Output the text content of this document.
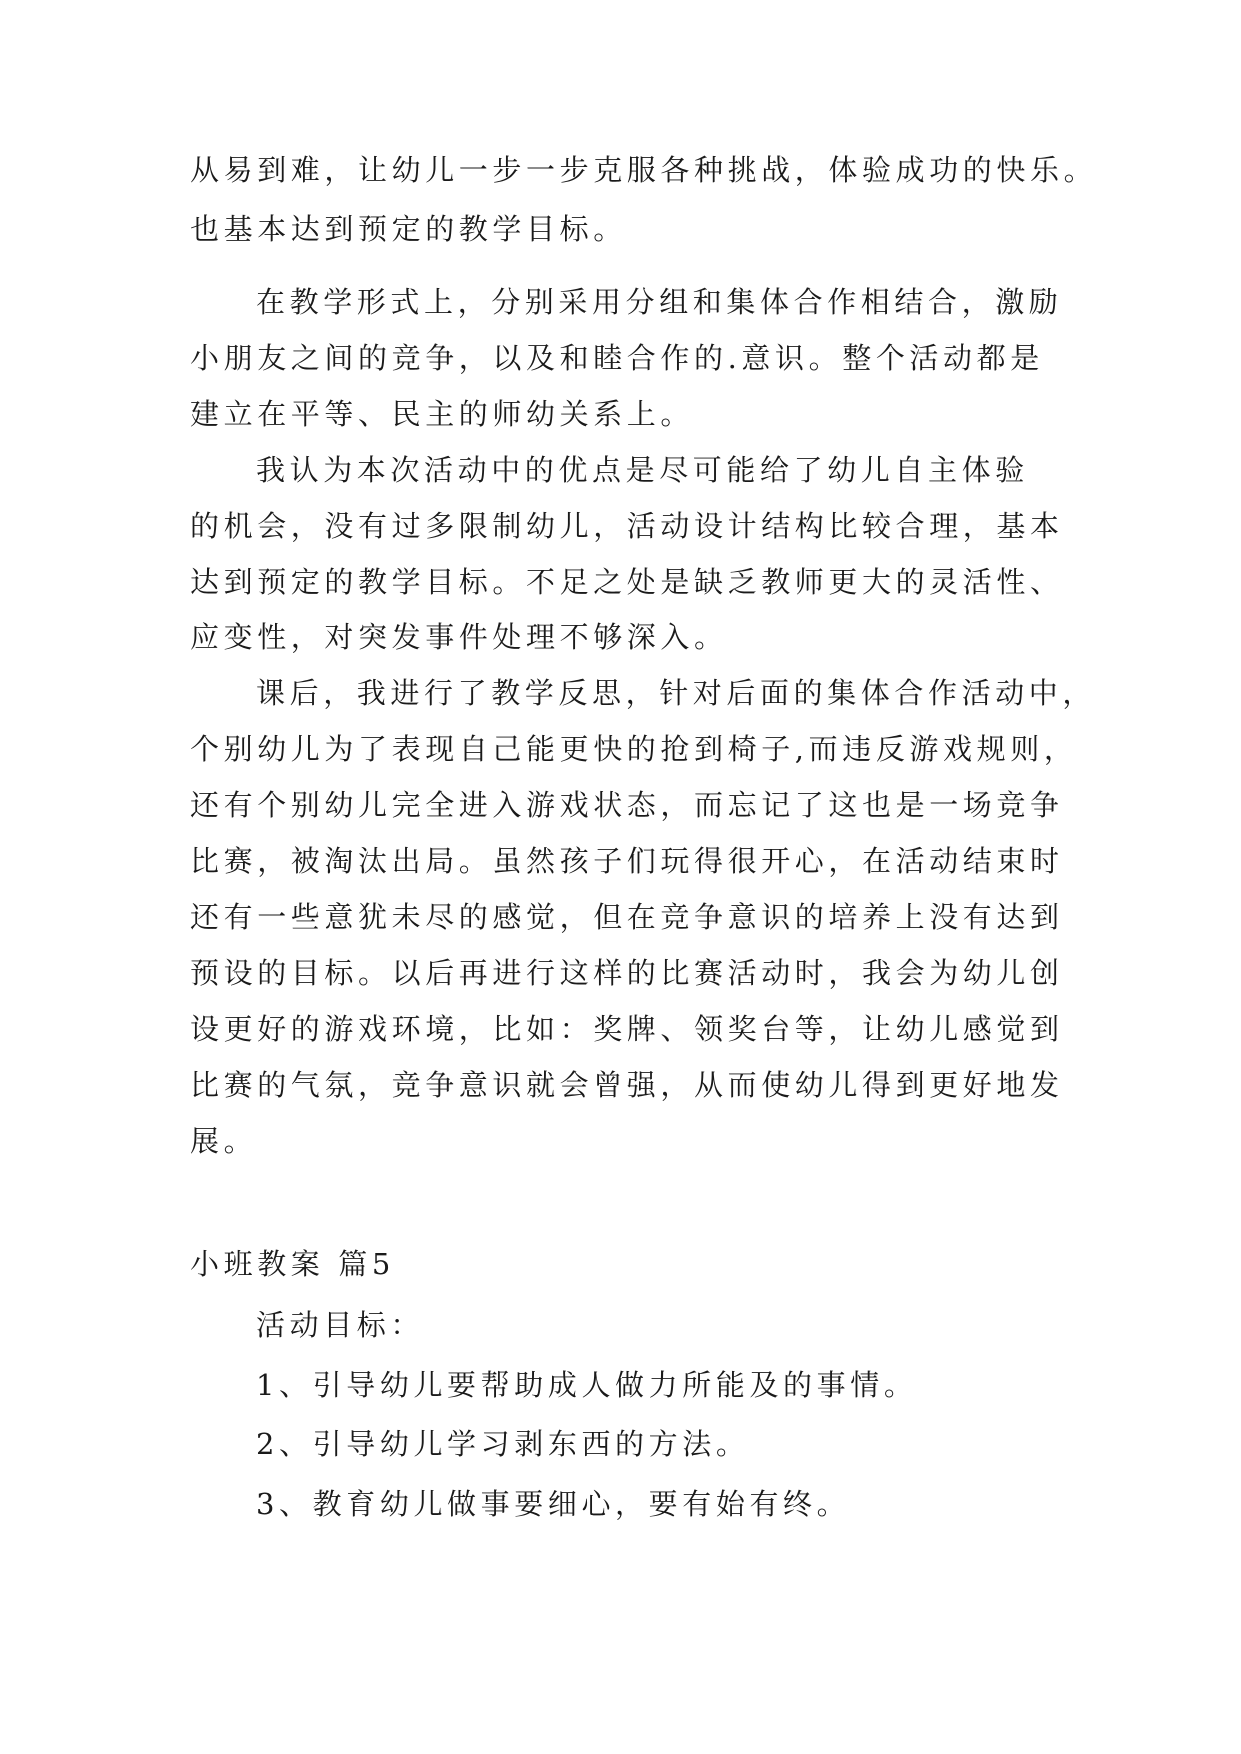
从易到难，让幼儿一步一步克服各种挑战，体验成功的快乐。
也基本达到预定的教学目标。
在教学形式上，分别采用分组和集体合作相结合，激励
小朋友之间的竞争，以及和睦合作的.意识。整个活动都是
建立在平等、民主的师幼关系上。
我认为本次活动中的优点是尽可能给了幼儿自主体验
的机会，没有过多限制幼儿，活动设计结构比较合理，基本
达到预定的教学目标。不足之处是缺乏教师更大的灵活性、
应变性，对突发事件处理不够深入。
课后，我进行了教学反思，针对后面的集体合作活动中，
个别幼儿为了表现自己能更快的抢到椅子,而违反游戏规则，
还有个别幼儿完全进入游戏状态，而忘记了这也是一场竞争
比赛，被淘汰出局。虽然孩子们玩得很开心，在活动结束时
还有一些意犹未尽的感觉，但在竞争意识的培养上没有达到
预设的目标。以后再进行这样的比赛活动时，我会为幼儿创
设更好的游戏环境，比如：奖牌、领奖台等，让幼儿感觉到
比赛的气氛，竞争意识就会曾强，从而使幼儿得到更好地发
展。
小班教案 篇5
活动目标：
1、引导幼儿要帮助成人做力所能及的事情。
2、引导幼儿学习剥东西的方法。
3、教育幼儿做事要细心，要有始有终。
